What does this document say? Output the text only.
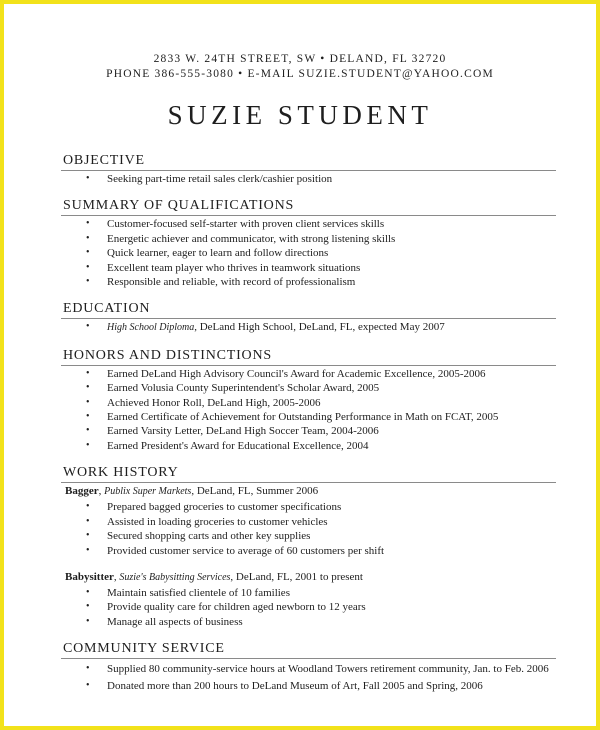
2833 W. 24TH STREET, SW • DELAND, FL 32720
PHONE 386-555-3080 • E-MAIL SUZIE.STUDENT@YAHOO.COM
SUZIE STUDENT
OBJECTIVE
• Seeking part-time retail sales clerk/cashier position
SUMMARY OF QUALIFICATIONS
• Customer-focused self-starter with proven client services skills
• Energetic achiever and communicator, with strong listening skills
• Quick learner, eager to learn and follow directions
• Excellent team player who thrives in teamwork situations
• Responsible and reliable, with record of professionalism
EDUCATION
• High School Diploma, DeLand High School, DeLand, FL, expected May 2007
HONORS AND DISTINCTIONS
• Earned DeLand High Advisory Council's Award for Academic Excellence, 2005-2006
• Earned Volusia County Superintendent's Scholar Award, 2005
• Achieved Honor Roll, DeLand High, 2005-2006
• Earned Certificate of Achievement for Outstanding Performance in Math on FCAT, 2005
• Earned Varsity Letter, DeLand High Soccer Team, 2004-2006
• Earned President's Award for Educational Excellence, 2004
WORK HISTORY
Bagger, Publix Super Markets, DeLand, FL, Summer 2006
• Prepared bagged groceries to customer specifications
• Assisted in loading groceries to customer vehicles
• Secured shopping carts and other key supplies
• Provided customer service to average of 60 customers per shift
Babysitter, Suzie's Babysitting Services, DeLand, FL, 2001 to present
• Maintain satisfied clientele of 10 families
• Provide quality care for children aged newborn to 12 years
• Manage all aspects of business
COMMUNITY SERVICE
• Supplied 80 community-service hours at Woodland Towers retirement community, Jan. to Feb. 2006
• Donated more than 200 hours to DeLand Museum of Art, Fall 2005 and Spring, 2006
